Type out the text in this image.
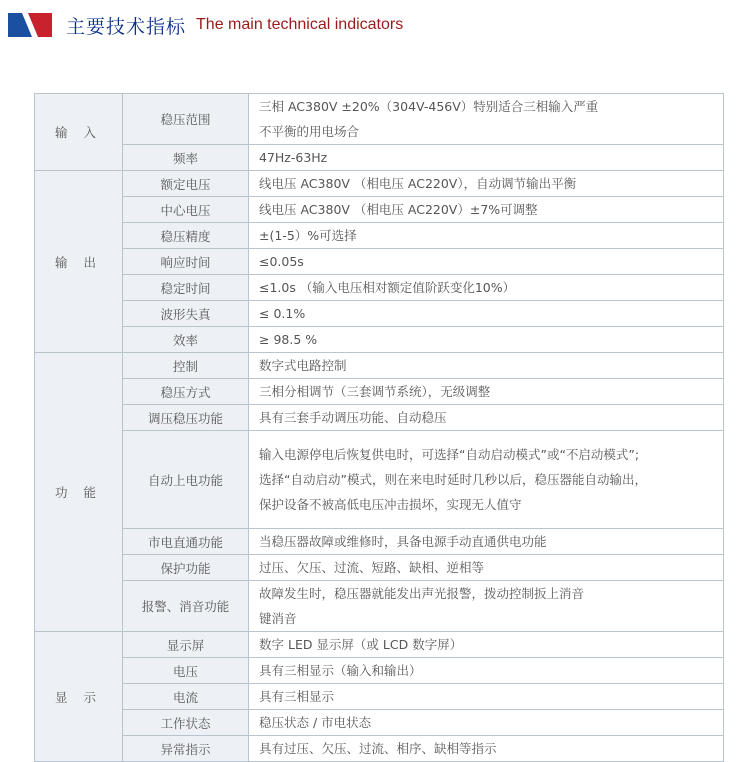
主要技术指标 The main technical indicators
输 入	稳压范围	三相 AC380V ±20%（304V-456V）特别适合三相输入严重
不平衡的用电场合

	频率	47Hz-63Hz
输 出	额定电压	线电压 AC380V （相电压 AC220V），自动调节输出平衡
	中心电压	线电压 AC380V （相电压 AC220V）±7%可调整
	稳压精度	±(1-5）%可选择
	响应时间	≤0.05s
	稳定时间	≤1.0s （输入电压相对额定值阶跃变化10%）
	波形失真	≤ 0.1%
	效率	≥ 98.5 %
功 能	控制	数字式电路控制
	稳压方式	三相分相调节（三套调节系统），无级调整
	调压稳压功能	具有三套手动调压功能、自动稳压
	自动上电功能	输入电源停电后恢复供电时，可选择“自动启动模式”或“不启动模式”;
选择“自动启动”模式，则在来电时延时几秒以后，稳压器能自动输出，
保护设备不被高低电压冲击损坏，实现无人值守

	市电直通功能	当稳压器故障或维修时，具备电源手动直通供电功能
	保护功能	过压、欠压、过流、短路、缺相、逆相等
	报警、消音功能	故障发生时，稳压器就能发出声光报警，拨动控制扳上消音
键消音

显 示	显示屏	数字 LED 显示屏（或 LCD 数字屏）
	电压	具有三相显示（输入和输出）
	电流	具有三相显示
	工作状态	稳压状态 / 市电状态
	异常指示	具有过压、欠压、过流、相序、缺相等指示
